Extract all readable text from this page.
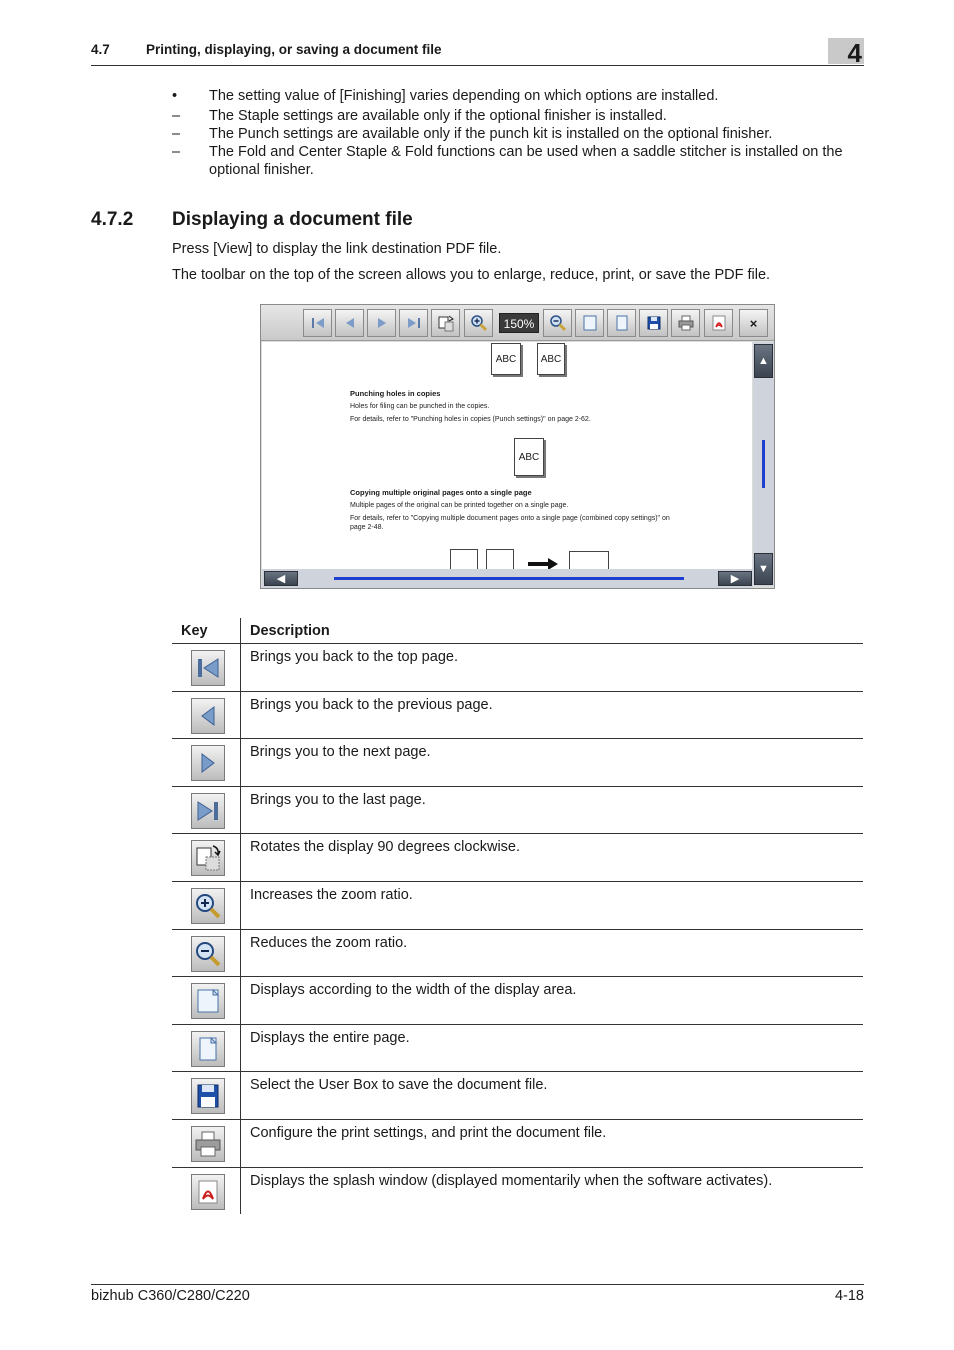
4.7	Printing, displaying, or saving a document file	4
•	The setting value of [Finishing] varies depending on which options are installed.
–	The Staple settings are available only if the optional finisher is installed.
–	The Punch settings are available only if the punch kit is installed on the optional finisher.
–	The Fold and Center Staple & Fold functions can be used when a saddle stitcher is installed on the optional finisher.
4.7.2 Displaying a document file
Press [View] to display the link destination PDF file.
The toolbar on the top of the screen allows you to enlarge, reduce, print, or save the PDF file.
150%	×
ABC	ABC
Punching holes in copies
Holes for filing can be punched in the copies.
For details, refer to "Punching holes in copies (Punch settings)" on page 2-62.
ABC
Copying multiple original pages onto a single page
Multiple pages of the original can be printed together on a single page.
For details, refer to "Copying multiple document pages onto a single page (combined copy settings)" on
page 2-48.
▲
▼
◀	▶
Key	Description
Brings you back to the top page.
Brings you back to the previous page.
Brings you to the next page.
Brings you to the last page.
Rotates the display 90 degrees clockwise.
Increases the zoom ratio.
Reduces the zoom ratio.
Displays according to the width of the display area.
Displays the entire page.
Select the User Box to save the document file.
Configure the print settings, and print the document file.
Displays the splash window (displayed momentarily when the software activates).
bizhub C360/C280/C220	4-18
